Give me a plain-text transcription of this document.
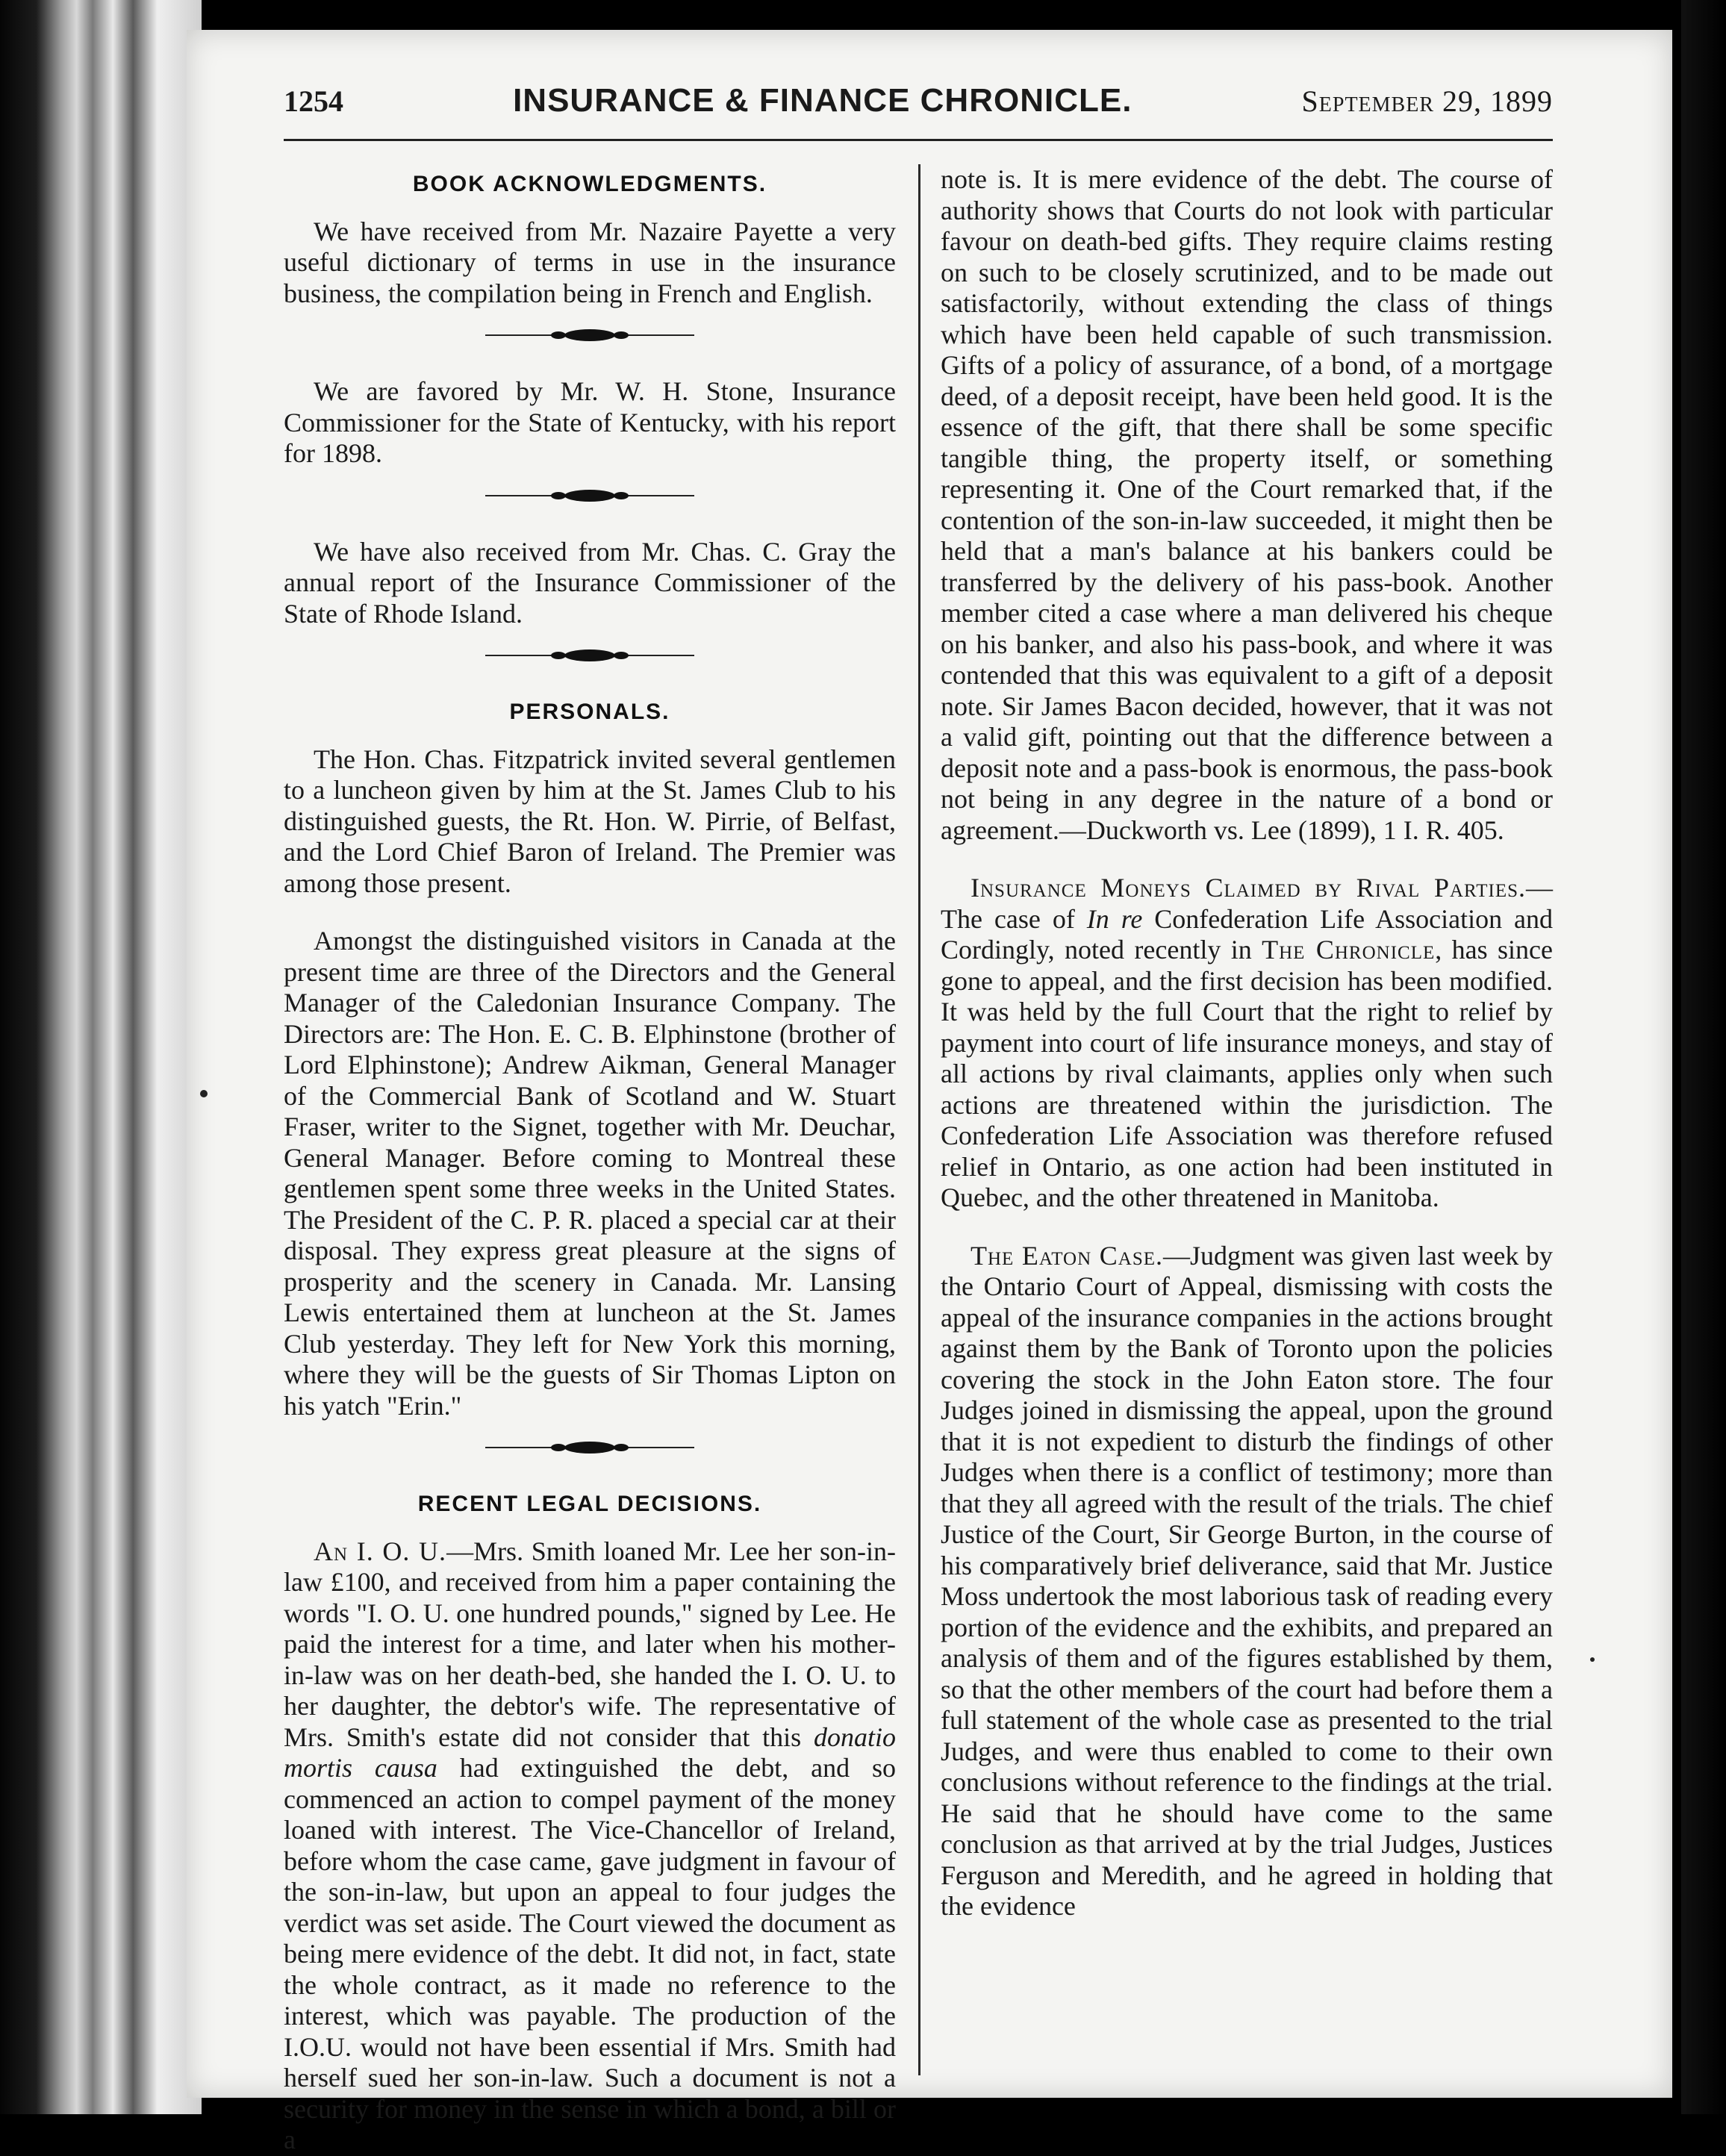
1254	INSURANCE & FINANCE CHRONICLE.	September 29, 1899
BOOK ACKNOWLEDGMENTS.

We have received from Mr. Nazaire Payette a very useful dictionary of terms in use in the insurance business, the compilation being in French and English.

We are favored by Mr. W. H. Stone, Insurance Commissioner for the State of Kentucky, with his report for 1898.

We have also received from Mr. Chas. C. Gray the annual report of the Insurance Commissioner of the State of Rhode Island.

PERSONALS.

The Hon. Chas. Fitzpatrick invited several gentlemen to a luncheon given by him at the St. James Club to his distinguished guests, the Rt. Hon. W. Pirrie, of Belfast, and the Lord Chief Baron of Ireland. The Premier was among those present.

Amongst the distinguished visitors in Canada at the present time are three of the Directors and the General Manager of the Caledonian Insurance Company. The Directors are: The Hon. E. C. B. Elphinstone (brother of Lord Elphinstone); Andrew Aikman, General Manager of the Commercial Bank of Scotland and W. Stuart Fraser, writer to the Signet, together with Mr. Deuchar, General Manager. Before coming to Montreal these gentlemen spent some three weeks in the United States. The President of the C. P. R. placed a special car at their disposal. They express great pleasure at the signs of prosperity and the scenery in Canada. Mr. Lansing Lewis entertained them at luncheon at the St. James Club yesterday. They left for New York this morning, where they will be the guests of Sir Thomas Lipton on his yatch "Erin."

RECENT LEGAL DECISIONS.

An I. O. U.—Mrs. Smith loaned Mr. Lee her son-in-law £100, and received from him a paper containing the words "I. O. U. one hundred pounds," signed by Lee. He paid the interest for a time, and later when his mother-in-law was on her death-bed, she handed the I. O. U. to her daughter, the debtor's wife. The representative of Mrs. Smith's estate did not consider that this donatio mortis causa had extinguished the debt, and so commenced an action to compel payment of the money loaned with interest. The Vice-Chancellor of Ireland, before whom the case came, gave judgment in favour of the son-in-law, but upon an appeal to four judges the verdict was set aside. The Court viewed the document as being mere evidence of the debt. It did not, in fact, state the whole contract, as it made no reference to the interest, which was payable. The production of the I.O.U. would not have been essential if Mrs. Smith had herself sued her son-in-law. Such a document is not a security for money in the sense in which a bond, a bill or a

note is. It is mere evidence of the debt. The course of authority shows that Courts do not look with particular favour on death-bed gifts. They require claims resting on such to be closely scrutinized, and to be made out satisfactorily, without extending the class of things which have been held capable of such transmission. Gifts of a policy of assurance, of a bond, of a mortgage deed, of a deposit receipt, have been held good. It is the essence of the gift, that there shall be some specific tangible thing, the property itself, or something representing it. One of the Court remarked that, if the contention of the son-in-law succeeded, it might then be held that a man's balance at his bankers could be transferred by the delivery of his pass-book. Another member cited a case where a man delivered his cheque on his banker, and also his pass-book, and where it was contended that this was equivalent to a gift of a deposit note. Sir James Bacon decided, however, that it was not a valid gift, pointing out that the difference between a deposit note and a pass-book is enormous, the pass-book not being in any degree in the nature of a bond or agreement.—Duckworth vs. Lee (1899), 1 I. R. 405.

Insurance Moneys Claimed by Rival Parties.—The case of In re Confederation Life Association and Cordingly, noted recently in The Chronicle, has since gone to appeal, and the first decision has been modified. It was held by the full Court that the right to relief by payment into court of life insurance moneys, and stay of all actions by rival claimants, applies only when such actions are threatened within the jurisdiction. The Confederation Life Association was therefore refused relief in Ontario, as one action had been instituted in Quebec, and the other threatened in Manitoba.

The Eaton Case.—Judgment was given last week by the Ontario Court of Appeal, dismissing with costs the appeal of the insurance companies in the actions brought against them by the Bank of Toronto upon the policies covering the stock in the John Eaton store. The four Judges joined in dismissing the appeal, upon the ground that it is not expedient to disturb the findings of other Judges when there is a conflict of testimony; more than that they all agreed with the result of the trials. The chief Justice of the Court, Sir George Burton, in the course of his comparatively brief deliverance, said that Mr. Justice Moss undertook the most laborious task of reading every portion of the evidence and the exhibits, and prepared an analysis of them and of the figures established by them, so that the other members of the court had before them a full statement of the whole case as presented to the trial Judges, and were thus enabled to come to their own conclusions without reference to the findings at the trial. He said that he should have come to the same conclusion as that arrived at by the trial Judges, Justices Ferguson and Meredith, and he agreed in holding that the evidence
